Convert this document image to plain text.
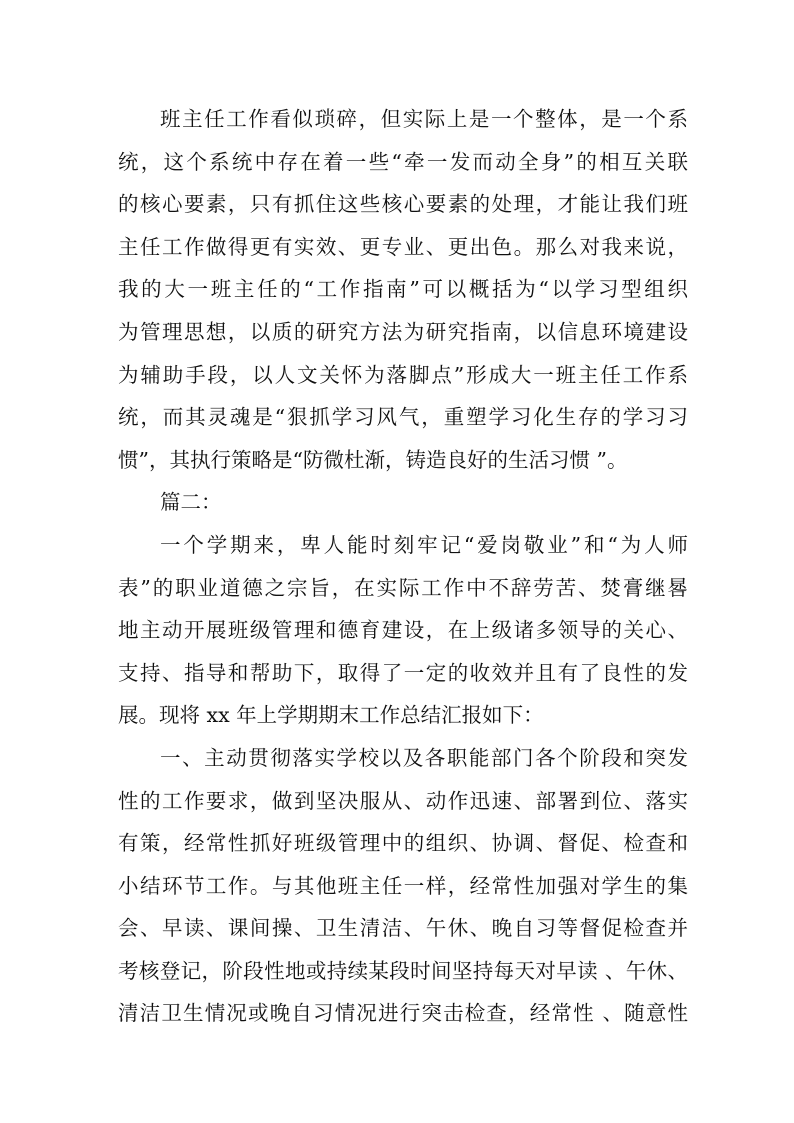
班主任工作看似琐碎，但实际上是一个整体，是一个系
统，这个系统中存在着一些“牵一发而动全身”的相互关联
的核心要素，只有抓住这些核心要素的处理，才能让我们班
主任工作做得更有实效、更专业、更出色。那么对我来说，
我的大一班主任的“工作指南”可以概括为“以学习型组织
为管理思想，以质的研究方法为研究指南，以信息环境建设
为辅助手段，以人文关怀为落脚点”形成大一班主任工作系
统，而其灵魂是“狠抓学习风气，重塑学习化生存的学习习
惯”，其执行策略是“防微杜渐，铸造良好的生活习惯 ”。
篇二：
一个学期来，卑人能时刻牢记“爱岗敬业”和“为人师
表”的职业道德之宗旨，在实际工作中不辞劳苦、焚膏继晷
地主动开展班级管理和德育建设，在上级诸多领导的关心、
支持、指导和帮助下，取得了一定的收效并且有了良性的发
展。现将 xx 年上学期期末工作总结汇报如下：
一、主动贯彻落实学校以及各职能部门各个阶段和突发
性的工作要求，做到坚决服从、动作迅速、部署到位、落实
有策，经常性抓好班级管理中的组织、协调、督促、检查和
小结环节工作。与其他班主任一样，经常性加强对学生的集
会、早读、课间操、卫生清洁、午休、晚自习等督促检查并
考核登记，阶段性地或持续某段时间坚持每天对早读 、午休、
清洁卫生情况或晚自习情况进行突击检查，经常性 、随意性
